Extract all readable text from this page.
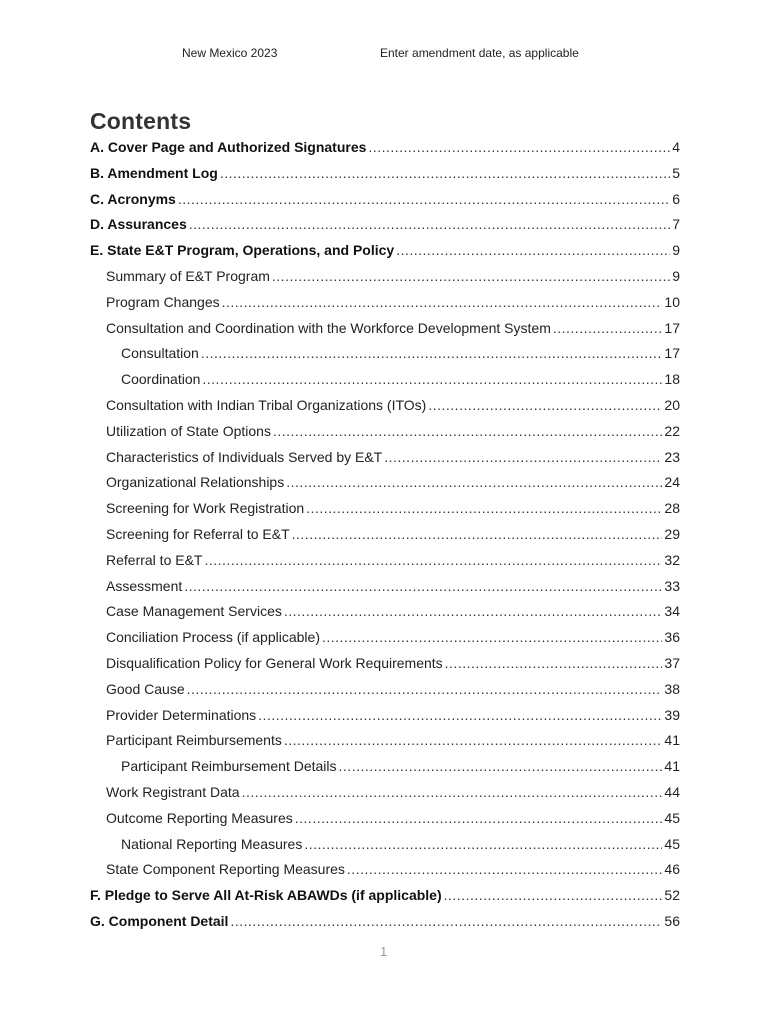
New Mexico 2023	Enter amendment date, as applicable
Contents
A. Cover Page and Authorized Signatures .....	4
B. Amendment Log .....	5
C. Acronyms .....	6
D. Assurances .....	7
E. State E&T Program, Operations, and Policy .....	9
Summary of E&T Program .....	9
Program Changes .....	10
Consultation and Coordination with the Workforce Development System .....	17
Consultation .....	17
Coordination .....	18
Consultation with Indian Tribal Organizations (ITOs) .....	20
Utilization of State Options .....	22
Characteristics of Individuals Served by E&T .....	23
Organizational Relationships .....	24
Screening for Work Registration .....	28
Screening for Referral to E&T .....	29
Referral to E&T .....	32
Assessment .....	33
Case Management Services .....	34
Conciliation Process (if applicable) .....	36
Disqualification Policy for General Work Requirements .....	37
Good Cause .....	38
Provider Determinations .....	39
Participant Reimbursements .....	41
Participant Reimbursement Details .....	41
Work Registrant Data .....	44
Outcome Reporting Measures .....	45
National Reporting Measures .....	45
State Component Reporting Measures .....	46
F. Pledge to Serve All At-Risk ABAWDs (if applicable) .....	52
G. Component Detail .....	56
1
